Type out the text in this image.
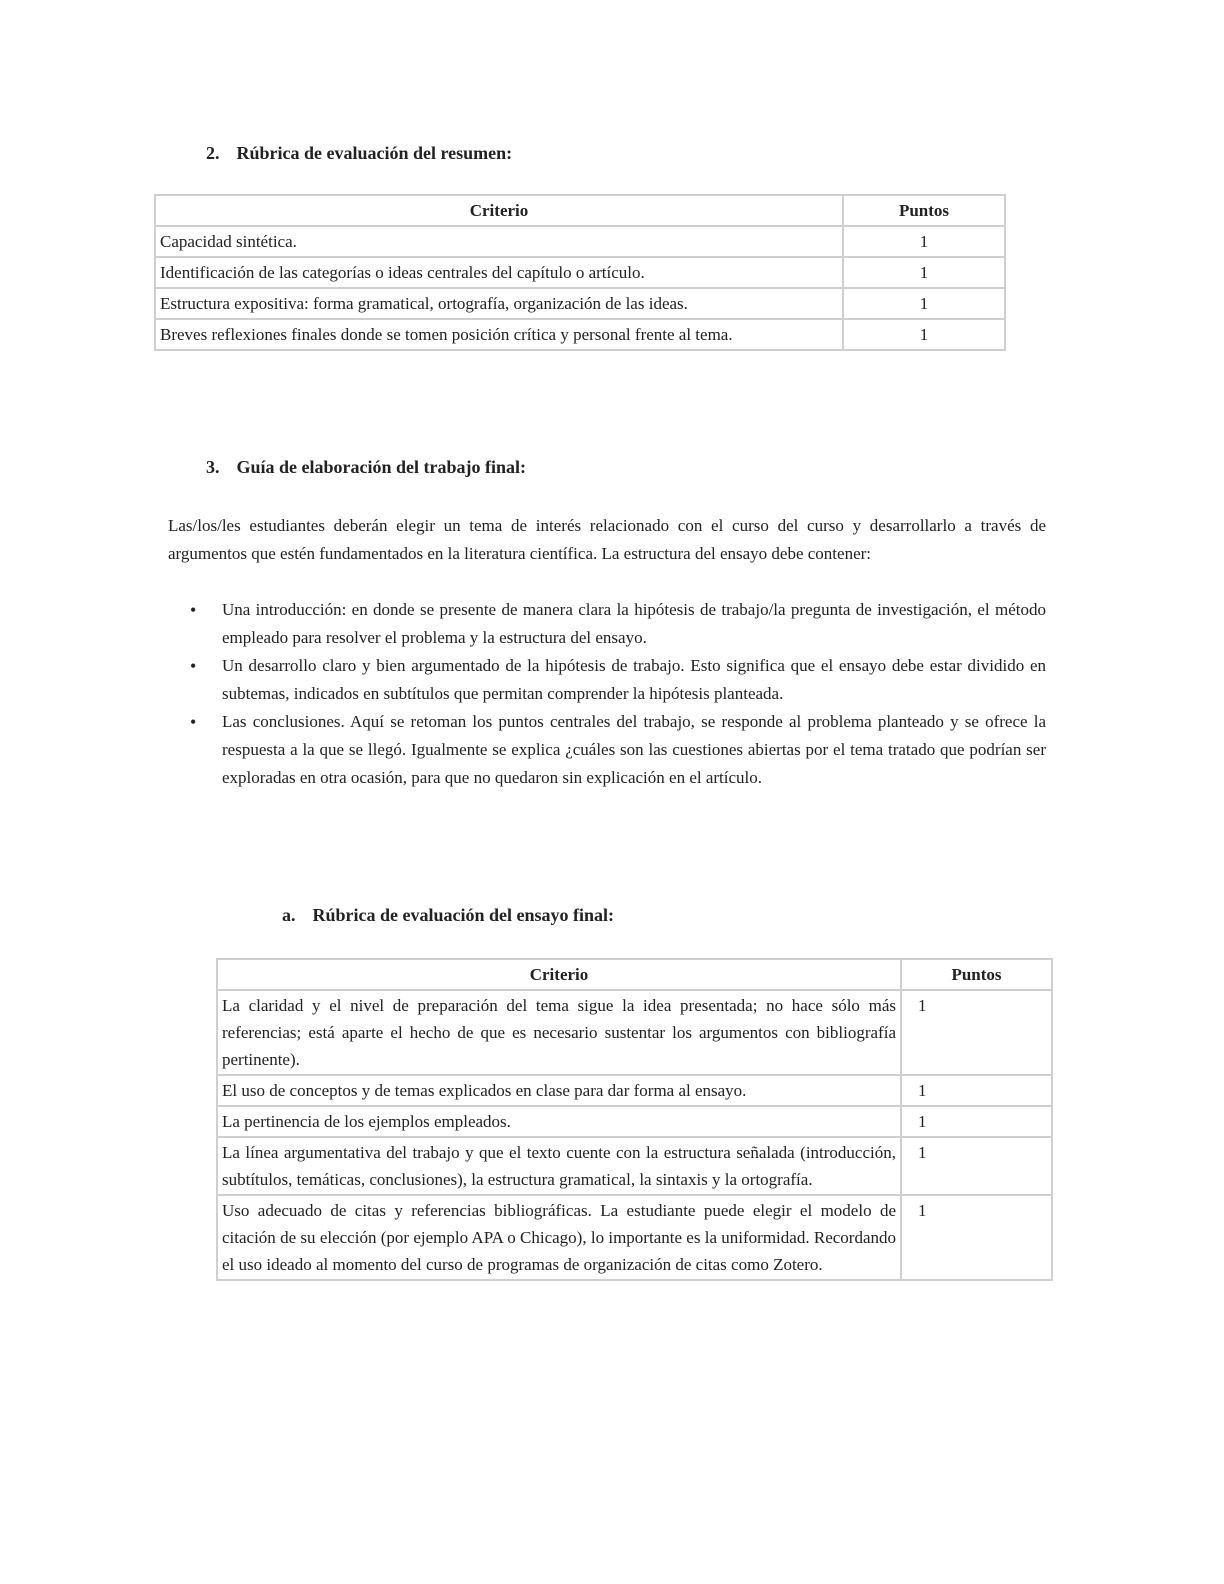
2. Rúbrica de evaluación del resumen:
Criterio	Puntos
Capacidad sintética.	1
Identificación de las categorías o ideas centrales del capítulo o artículo.	1
Estructura expositiva: forma gramatical, ortografía, organización de las ideas.	1
Breves reflexiones finales donde se tomen posición crítica y personal frente al tema.	1
3. Guía de elaboración del trabajo final:

Las/los/les estudiantes deberán elegir un tema de interés relacionado con el curso del curso y desarrollarlo a través de argumentos que estén fundamentados en la literatura científica. La estructura del ensayo debe contener:

• Una introducción: en donde se presente de manera clara la hipótesis de trabajo/la pregunta de investigación, el método empleado para resolver el problema y la estructura del ensayo.
• Un desarrollo claro y bien argumentado de la hipótesis de trabajo. Esto significa que el ensayo debe estar dividido en subtemas, indicados en subtítulos que permitan comprender la hipótesis planteada.
• Las conclusiones. Aquí se retoman los puntos centrales del trabajo, se responde al problema planteado y se ofrece la respuesta a la que se llegó. Igualmente se explica ¿cuáles son las cuestiones abiertas por el tema tratado que podrían ser exploradas en otra ocasión, para que no quedaron sin explicación en el artículo.
a. Rúbrica de evaluación del ensayo final:
Criterio	Puntos
La claridad y el nivel de preparación del tema sigue la idea presentada; no hace sólo más referencias; está aparte el hecho de que es necesario sustentar los argumentos con bibliografía pertinente).	1
El uso de conceptos y de temas explicados en clase para dar forma al ensayo.	1
La pertinencia de los ejemplos empleados.	1
La línea argumentativa del trabajo y que el texto cuente con la estructura señalada (introducción, subtítulos, temáticas, conclusiones), la estructura gramatical, la sintaxis y la ortografía.	1
Uso adecuado de citas y referencias bibliográficas. La estudiante puede elegir el modelo de citación de su elección (por ejemplo APA o Chicago), lo importante es la uniformidad. Recordando el uso ideado al momento del curso de programas de organización de citas como Zotero.	1
